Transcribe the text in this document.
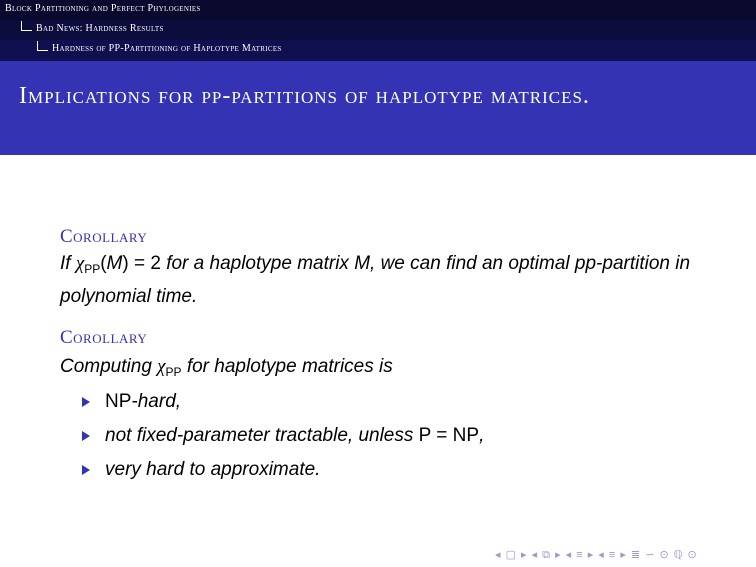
Block Partitioning and Perfect Phylogenies
Bad News: Hardness Results
Hardness of PP-Partitioning of Haplotype Matrices
Implications for pp-partitions of haplotype matrices.
Corollary
If $\chi_{PP}(M) = 2$ for a haplotype matrix M, we can find an optimal pp-partition in polynomial time.
Corollary
Computing $\chi_{PP}$ for haplotype matrices is
NP-hard,
not fixed-parameter tractable, unless P = NP,
very hard to approximate.
◂ ▢ ▸ ◂ ⧉ ▸ ◂ ≡ ▸ ◂ ≡ ▸ ≣ ∽ ⊙ ℚ ⊙
